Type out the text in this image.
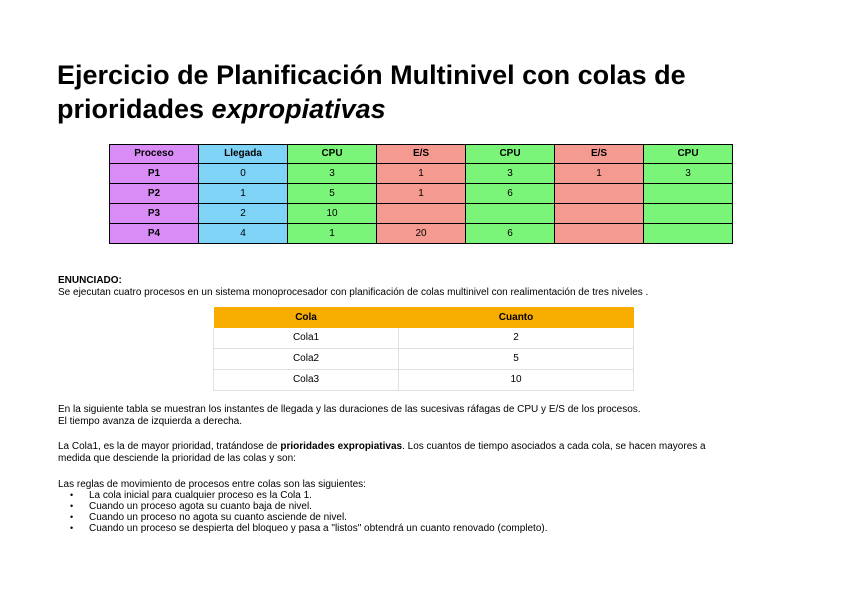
Ejercicio de Planificación Multinivel con colas de
prioridades expropiativas
Proceso	Llegada	CPU	E/S	CPU	E/S	CPU
P1	0	3	1	3	1	3
P2	1	5	1	6		
P3	2	10				
P4	4	1	20	6		

ENUNCIADO:
Se ejecutan cuatro procesos en un sistema monoprocesador con planificación de colas multinivel con realimentación de tres niveles .

Cola	Cuanto
Cola1	2
Cola2	5
Cola3	10

En la siguiente tabla se muestran los instantes de llegada y las duraciones de las sucesivas ráfagas de CPU y E/S de los procesos.
El tiempo avanza de izquierda a derecha.

La Cola1, es la de mayor prioridad, tratándose de prioridades expropiativas. Los cuantos de tiempo asociados a cada cola, se hacen mayores a
medida que desciende la prioridad de las colas y son:

Las reglas de movimiento de procesos entre colas son las siguientes:
• La cola inicial para cualquier proceso es la Cola 1.
• Cuando un proceso agota su cuanto baja de nivel.
• Cuando un proceso no agota su cuanto asciende de nivel.
• Cuando un proceso se despierta del bloqueo y pasa a "listos" obtendrá un cuanto renovado (completo).
